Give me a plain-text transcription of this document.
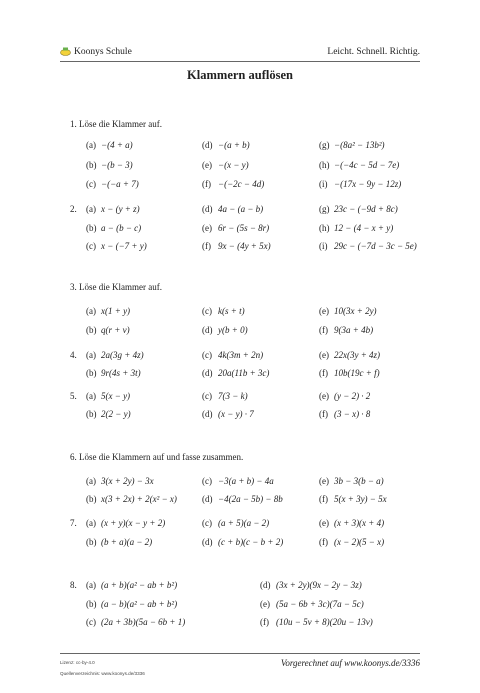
Koonys Schule	Leicht. Schnell. Richtig.
Klammern auflösen
1. Löse die Klammer auf.
(a) −(4 + a)
(b) −(b − 3)
(c) −(−a + 7)
(d) −(a + b)
(e) −(x − y)
(f) −(−2c − 4d)
(g) −(8a² − 13b²)
(h) −(−4c − 5d − 7e)
(i) −(17x − 9y − 12z)
2. (a) x − (y + z)
(b) a − (b − c)
(c) x − (−7 + y)
(d) 4a − (a − b)
(e) 6r − (5s − 8r)
(f) 9x − (4y + 5x)
(g) 23c − (−9d + 8c)
(h) 12 − (4 − x + y)
(i) 29c − (−7d − 3c − 5e)
3. Löse die Klammer auf.
(a) x(1 + y)
(b) q(r + v)
(c) k(s + t)
(d) y(b + 0)
(e) 10(3x + 2y)
(f) 9(3a + 4b)
4. (a) 2a(3g + 4z)
(b) 9r(4s + 3t)
(c) 4k(3m + 2n)
(d) 20a(11b + 3c)
(e) 22x(3y + 4z)
(f) 10b(19c + f)
5. (a) 5(x − y)
(b) 2(2 − y)
(c) 7(3 − k)
(d) (x − y) · 7
(e) (y − 2) · 2
(f) (3 − x) · 8
6. Löse die Klammern auf und fasse zusammen.
(a) 3(x + 2y) − 3x
(b) x(3 + 2x) + 2(x² − x)
(c) −3(a + b) − 4a
(d) −4(2a − 5b) − 8b
(e) 3b − 3(b − a)
(f) 5(x + 3y) − 5x
7. (a) (x + y)(x − y + 2)
(b) (b + a)(a − 2)
(c) (a + 5)(a − 2)
(d) (c + b)(c − b + 2)
(e) (x + 3)(x + 4)
(f) (x − 2)(5 − x)
8. (a) (a + b)(a² − ab + b²)
(b) (a − b)(a² − ab + b²)
(c) (2a + 3b)(5a − 6b + 1)
(d) (3x + 2y)(9x − 2y − 3z)
(e) (5a − 6b + 3c)(7a − 5c)
(f) (10u − 5v + 8)(20u − 13v)
Lizenz: cc-by-4.0
Quellenverzeichnis: www.koonys.de/3336
Vorgerechnet auf www.koonys.de/3336
